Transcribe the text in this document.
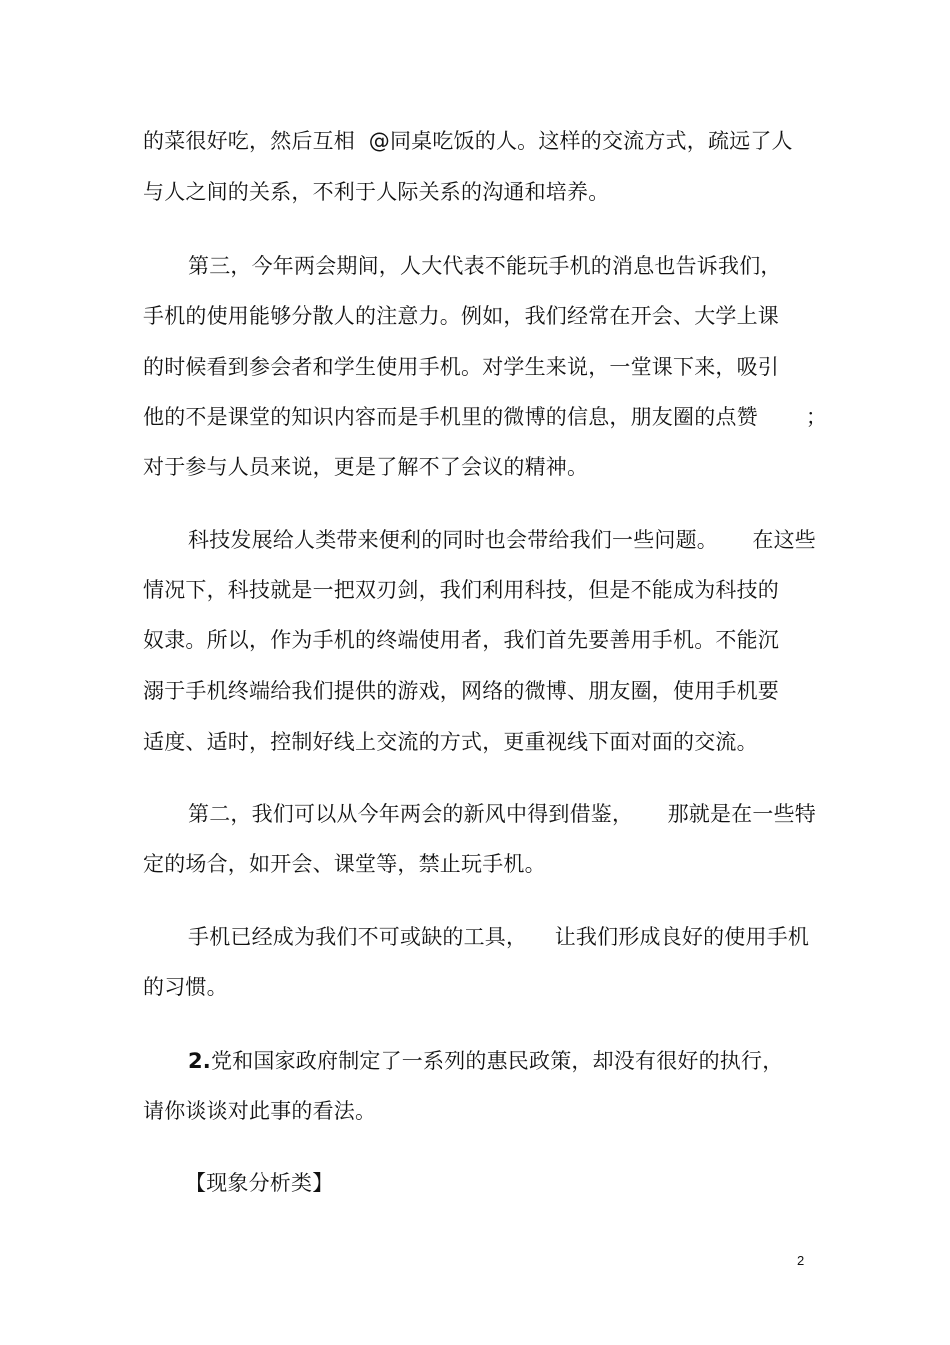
的菜很好吃，然后互相  @同桌吃饭的人。这样的交流方式，疏远了人
与人之间的关系，不利于人际关系的沟通和培养。
第三，今年两会期间，人大代表不能玩手机的消息也告诉我们，
手机的使用能够分散人的注意力。例如，我们经常在开会、大学上课
的时候看到参会者和学生使用手机。对学生来说，一堂课下来，吸引
他的不是课堂的知识内容而是手机里的微博的信息，朋友圈的点赞       ；
对于参与人员来说，更是了解不了会议的精神。
科技发展给人类带来便利的同时也会带给我们一些问题。     在这些
情况下，科技就是一把双刃剑，我们利用科技，但是不能成为科技的
奴隶。所以，作为手机的终端使用者，我们首先要善用手机。不能沉
溺于手机终端给我们提供的游戏，网络的微博、朋友圈，使用手机要
适度、适时，控制好线上交流的方式，更重视线下面对面的交流。
第二，我们可以从今年两会的新风中得到借鉴，     那就是在一些特
定的场合，如开会、课堂等，禁止玩手机。
手机已经成为我们不可或缺的工具，    让我们形成良好的使用手机
的习惯。
2.党和国家政府制定了一系列的惠民政策，却没有很好的执行，
请你谈谈对此事的看法。
【现象分析类】
2
